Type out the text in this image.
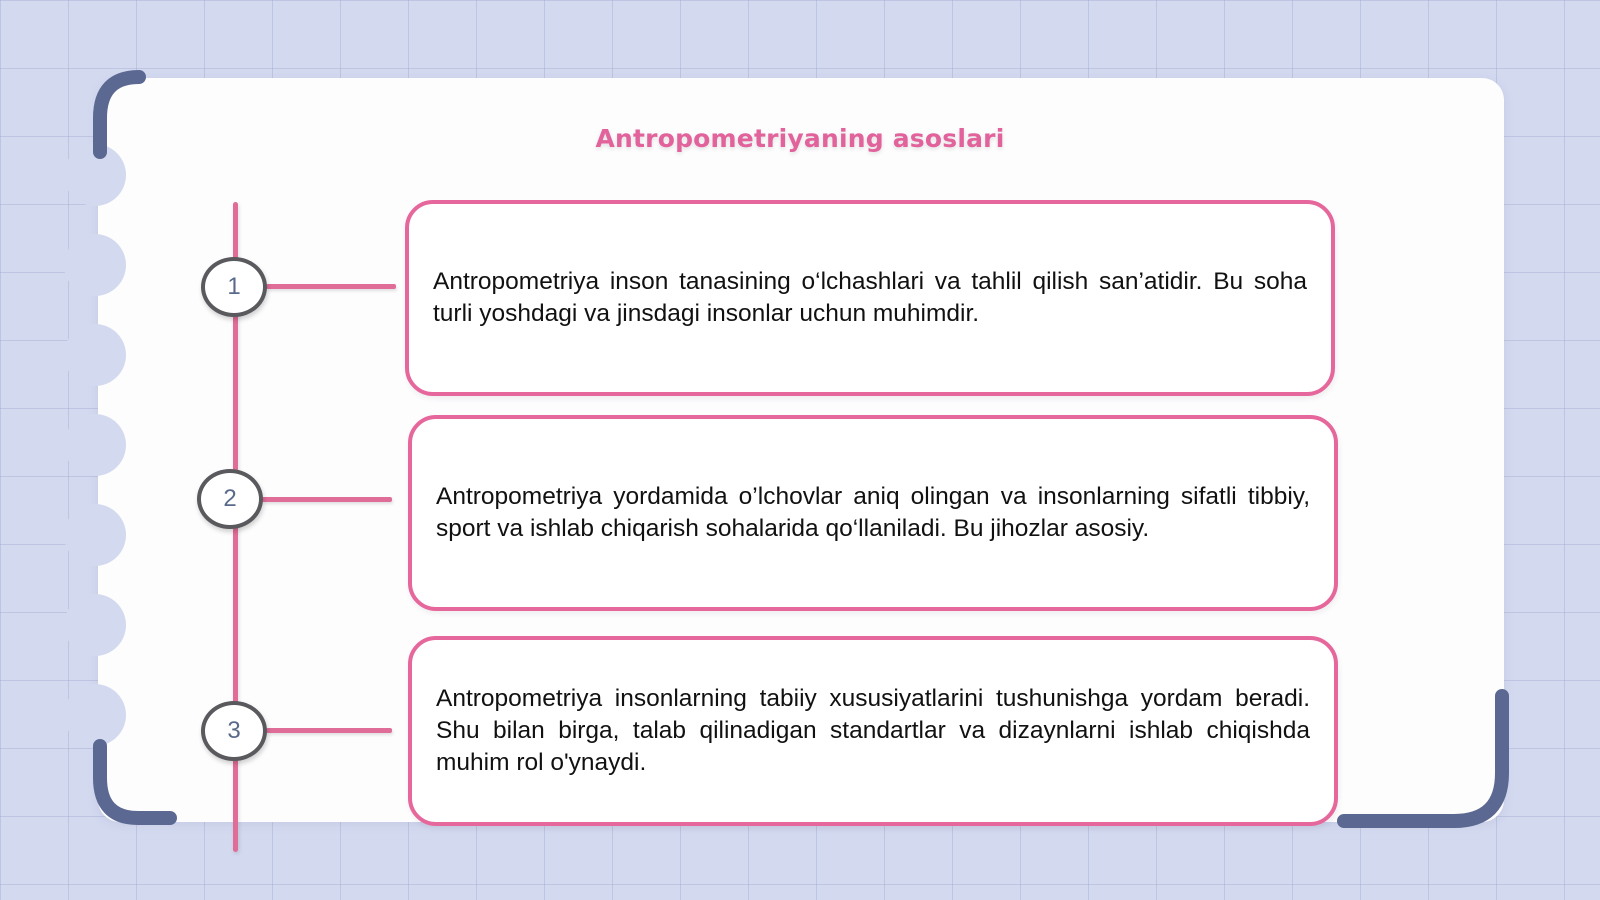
Antropometriyaning asoslari
1	Antropometriya inson tanasining o‘lchashlari va tahlil qilish san’atidir. Bu soha turli yoshdagi va jinsdagi insonlar uchun muhimdir.
2	Antropometriya yordamida o’lchovlar aniq olingan va insonlarning sifatli tibbiy, sport va ishlab chiqarish sohalarida qo‘llaniladi. Bu jihozlar asosiy.
3
Antropometriya insonlarning tabiiy xususiyatlarini tushunishga yordam beradi. Shu bilan birga, talab qilinadigan standartlar va dizaynlarni ishlab chiqishda muhim rol o'ynaydi.
